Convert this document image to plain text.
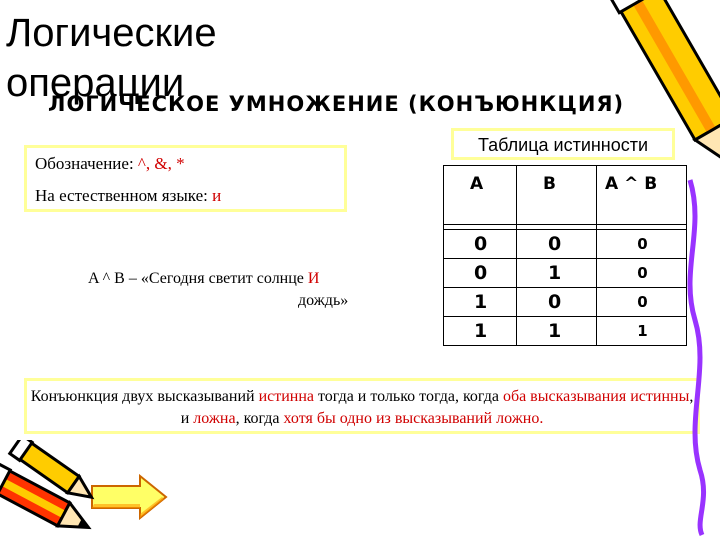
Логические
операции
ЛОГИЧЕСКОЕ УМНОЖЕНИЕ (КОНЪЮНКЦИЯ)
Обозначение: ^, &, *
На естественном языке: и
Таблица истинности
A	B	A ^ B

0	0	0
0	1	0
1	0	0
1	1	1
A ^ B – «Сегодня светит солнце И
дождь»
Конъюнкция двух высказываний истинна тогда и только тогда, когда оба высказывания истинны, и ложна, когда хотя бы одно из высказываний ложно.
